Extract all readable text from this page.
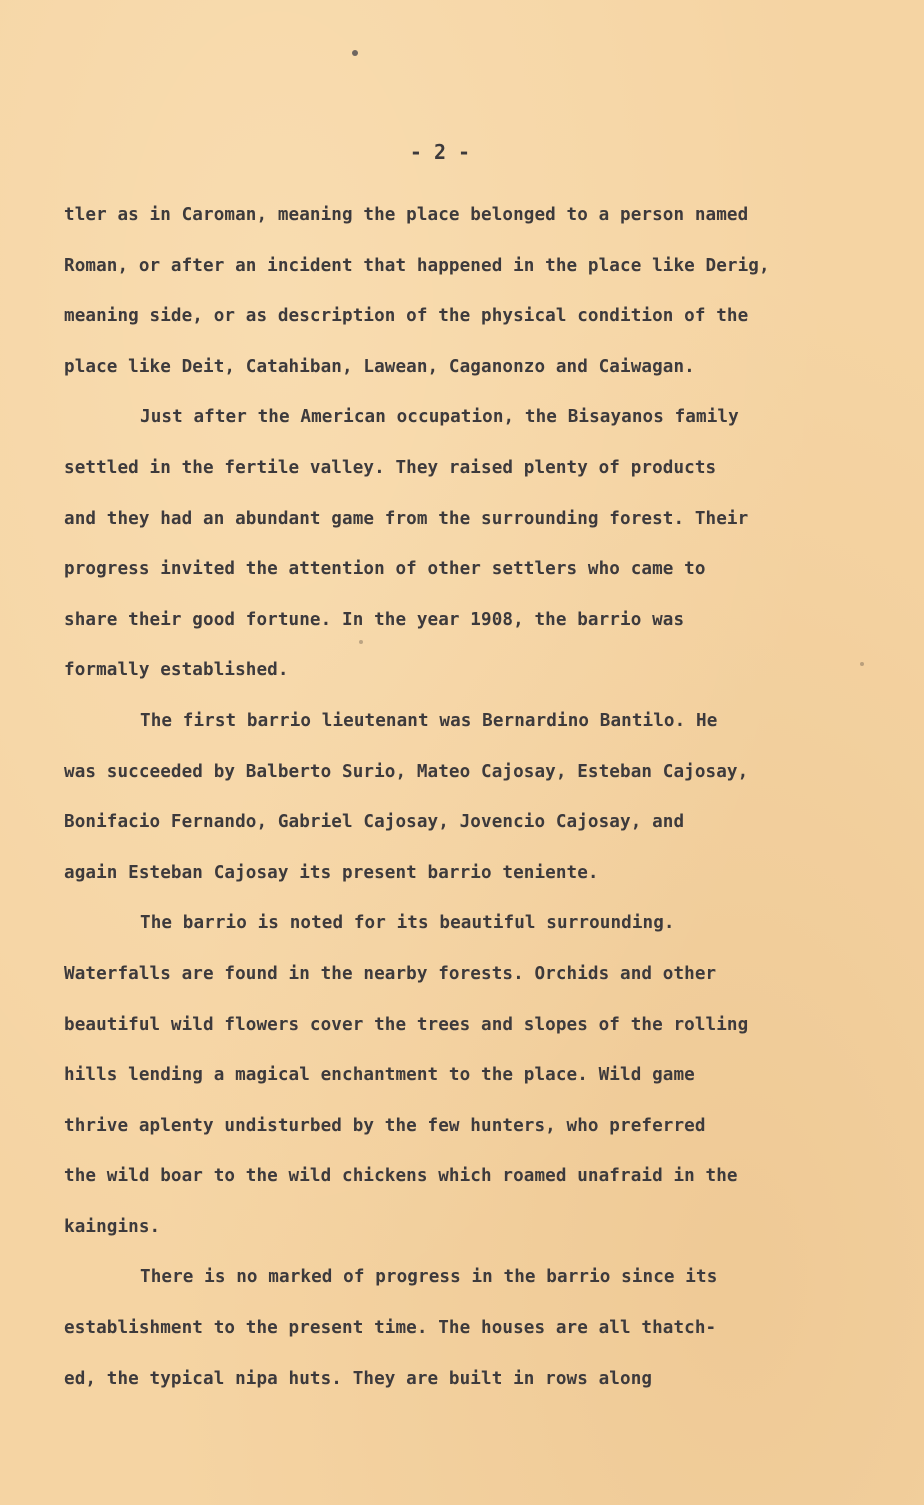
- 2 -
tler as in Caroman, meaning the place belonged to a person named
Roman, or after an incident that happened in the place like Derig,
meaning side, or as description of the physical condition of the
place like Deit, Catahiban, Lawean, Caganonzo and Caiwagan.
Just after the American occupation, the Bisayanos family
settled in the fertile valley. They raised plenty of products
and they had an abundant game from the surrounding forest. Their
progress invited the attention of other settlers who came to
share their good fortune. In the year 1908, the barrio was
formally established.
The first barrio lieutenant was Bernardino Bantilo. He
was succeeded by Balberto Surio, Mateo Cajosay, Esteban Cajosay,
Bonifacio Fernando, Gabriel Cajosay, Jovencio Cajosay, and
again Esteban Cajosay its present barrio teniente.
The barrio is noted for its beautiful surrounding.
Waterfalls are found in the nearby forests. Orchids and other
beautiful wild flowers cover the trees and slopes of the rolling
hills lending a magical enchantment to the place. Wild game
thrive aplenty undisturbed by the few hunters, who preferred
the wild boar to the wild chickens which roamed unafraid in the
kaingins.
There is no marked of progress in the barrio since its
establishment to the present time. The houses are all thatch-
ed, the typical nipa huts. They are built in rows along
